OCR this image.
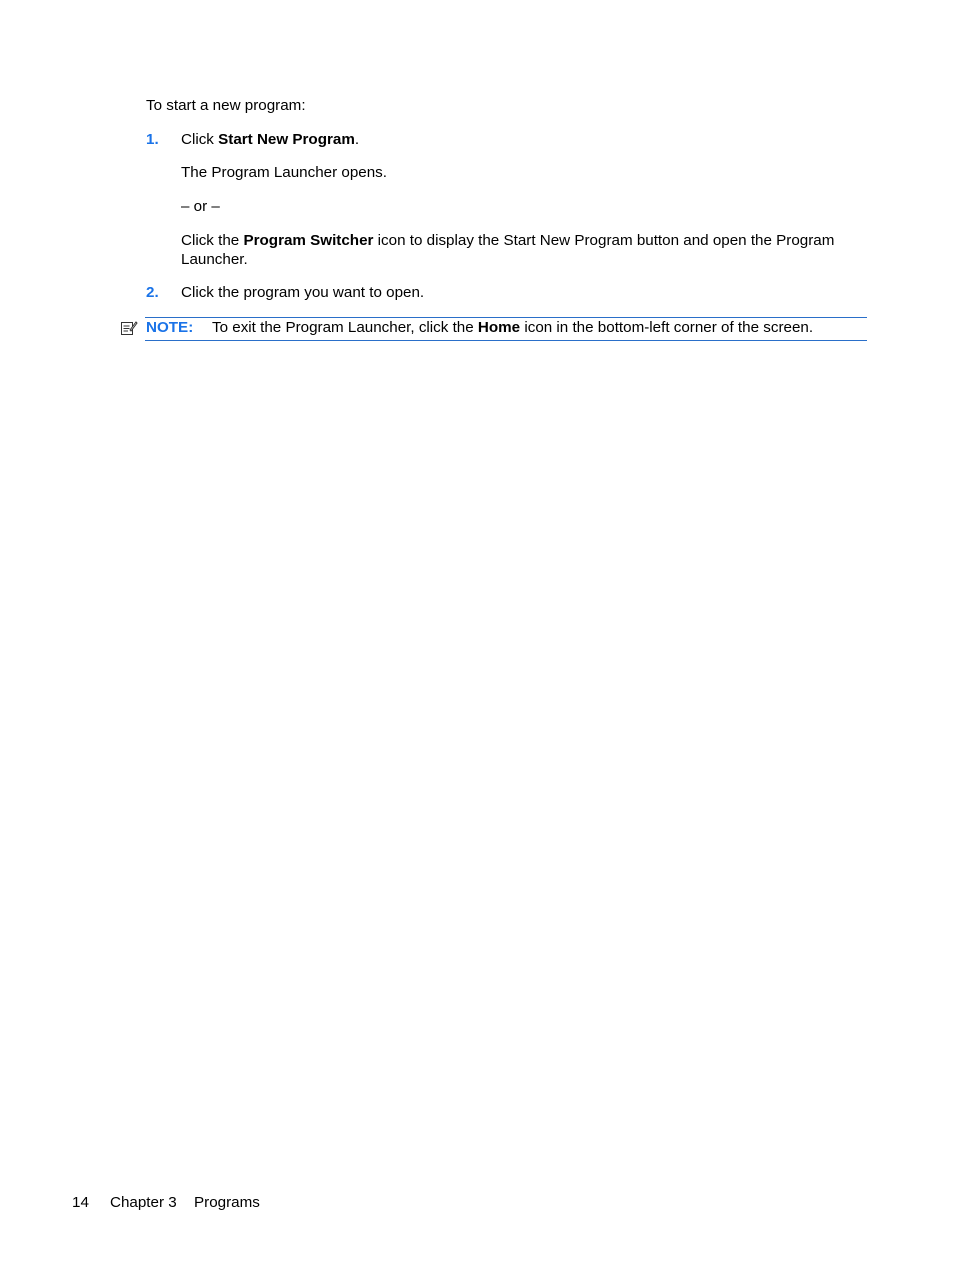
To start a new program:
1. Click Start New Program.
The Program Launcher opens.
– or –
Click the Program Switcher icon to display the Start New Program button and open the Program Launcher.
2. Click the program you want to open.
NOTE: To exit the Program Launcher, click the Home icon in the bottom-left corner of the screen.
14 Chapter 3 Programs
